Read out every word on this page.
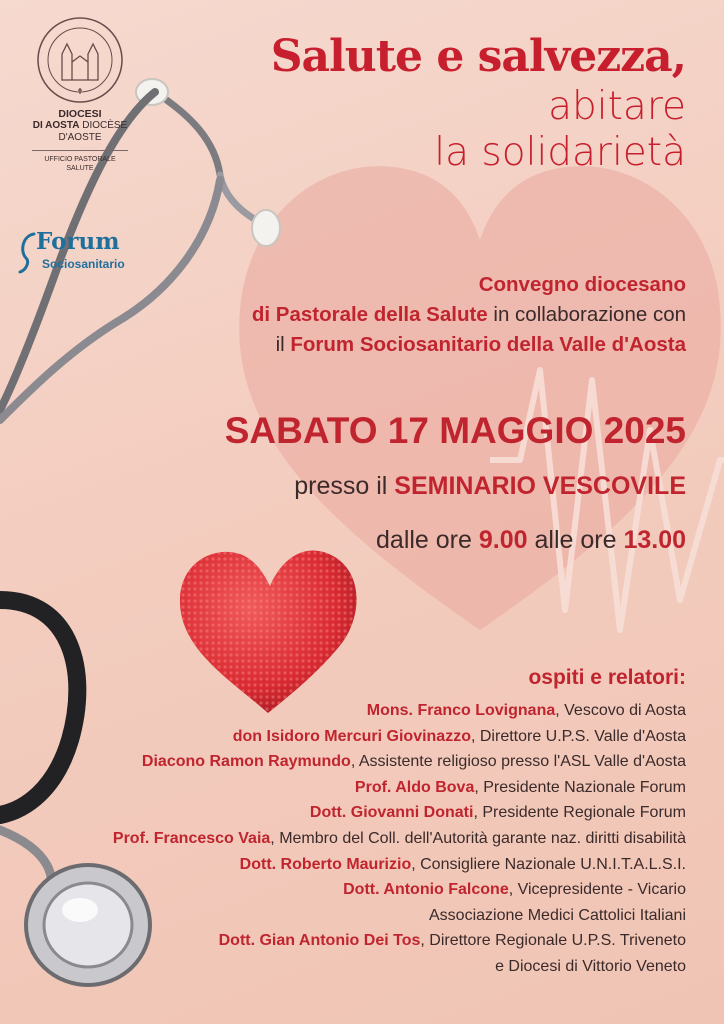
DIOCESI
DI AOSTA DIOCÈSE
D'AOSTE
UFFICIO PASTORALE
SALUTE
Forum
Sociosanitario
Salute e salvezza,
abitare
la solidarietà
Convegno diocesano
di Pastorale della Salute in collaborazione con
il Forum Sociosanitario della Valle d'Aosta
SABATO 17 MAGGIO 2025
presso il SEMINARIO VESCOVILE
dalle ore 9.00 alle ore 13.00
ospiti e relatori:
Mons. Franco Lovignana, Vescovo di Aosta
don Isidoro Mercuri Giovinazzo, Direttore U.P.S. Valle d'Aosta
Diacono Ramon Raymundo, Assistente religioso presso l'ASL Valle d'Aosta
Prof. Aldo Bova, Presidente Nazionale Forum
Dott. Giovanni Donati, Presidente Regionale Forum
Prof. Francesco Vaia, Membro del Coll. dell'Autorità garante naz. diritti disabilità
Dott. Roberto Maurizio, Consigliere Nazionale U.N.I.T.A.L.S.I.
Dott. Antonio Falcone, Vicepresidente - Vicario
Associazione Medici Cattolici Italiani
Dott. Gian Antonio Dei Tos, Direttore Regionale U.P.S. Triveneto
e Diocesi di Vittorio Veneto
